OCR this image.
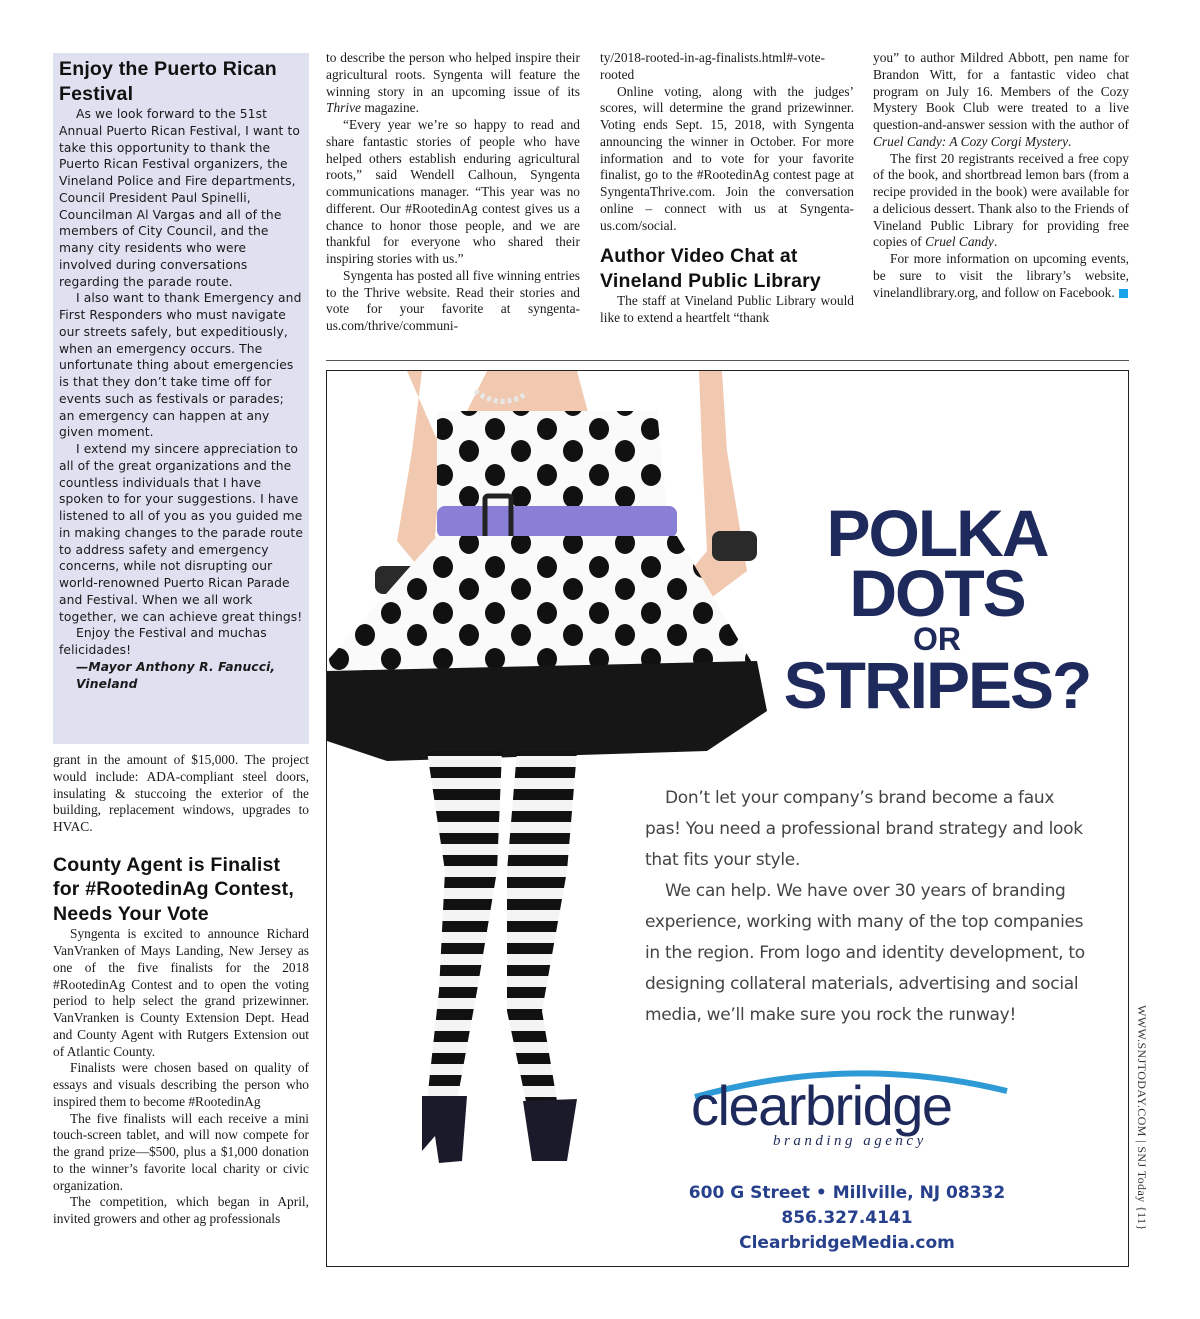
Enjoy the Puerto Rican Festival

As we look forward to the 51st Annual Puerto Rican Festival, I want to take this opportunity to thank the Puerto Rican Festival organizers, the Vineland Police and Fire departments, Council President Paul Spinelli, Councilman Al Vargas and all of the members of City Council, and the many city residents who were involved during conversations regarding the parade route.

I also want to thank Emergency and First Responders who must navigate our streets safely, but expeditiously, when an emergency occurs. The unfortunate thing about emergencies is that they don’t take time off for events such as festivals or parades; an emergency can happen at any given moment.

I extend my sincere appreciation to all of the great organizations and the countless individuals that I have spoken to for your suggestions. I have listened to all of you as you guided me in making changes to the parade route to address safety and emergency concerns, while not disrupting our world-renowned Puerto Rican Parade and Festival. When we all work together, we can achieve great things!

Enjoy the Festival and muchas felicidades!

—Mayor Anthony R. Fanucci,

Vineland

grant in the amount of $15,000. The project would include: ADA-compliant steel doors, insulating & stuccoing the exterior of the building, replacement windows, upgrades to HVAC.

County Agent is Finalist for #RootedinAg Contest, Needs Your Vote

Syngenta is excited to announce Richard VanVranken of Mays Landing, New Jersey as one of the five finalists for the 2018 #RootedinAg Contest and to open the voting period to help select the grand prizewinner. VanVranken is County Extension Dept. Head and County Agent with Rutgers Extension out of Atlantic County.

Finalists were chosen based on quality of essays and visuals describing the person who inspired them to become #RootedinAg

The five finalists will each receive a mini touch-screen tablet, and will now compete for the grand prize—$500, plus a $1,000 donation to the winner’s favorite local charity or civic organization.

The competition, which began in April, invited growers and other ag professionals

to describe the person who helped inspire their agricultural roots. Syngenta will feature the winning story in an upcoming issue of its Thrive magazine.

“Every year we’re so happy to read and share fantastic stories of people who have helped others establish enduring agricultural roots,” said Wendell Calhoun, Syngenta communications manager. “This year was no different. Our #RootedinAg contest gives us a chance to honor those people, and we are thankful for everyone who shared their inspiring stories with us.”

Syngenta has posted all five winning entries to the Thrive website. Read their stories and vote for your favorite at syngenta-us.com/thrive/communi-

ty/2018-rooted-in-ag-finalists.html#-vote-rooted

Online voting, along with the judges’ scores, will determine the grand prizewinner. Voting ends Sept. 15, 2018, with Syngenta announcing the winner in October. For more information and to vote for your favorite finalist, go to the #RootedinAg contest page at SyngentaThrive.com. Join the conversation online – connect with us at Syngenta-us.com/social.

Author Video Chat at Vineland Public Library

The staff at Vineland Public Library would like to extend a heartfelt “thank

you” to author Mildred Abbott, pen name for Brandon Witt, for a fantastic video chat program on July 16. Members of the Cozy Mystery Book Club were treated to a live question-and-answer session with the author of Cruel Candy: A Cozy Corgi Mystery.

The first 20 registrants received a free copy of the book, and shortbread lemon bars (from a recipe provided in the book) were available for a delicious dessert. Thank also to the Friends of Vineland Public Library for providing free copies of Cruel Candy.

For more information on upcoming events, be sure to visit the library’s website, vinelandlibrary.org, and follow on Facebook.

POLKA
DOTS
OR
STRIPES?

Don’t let your company’s brand become a faux pas! You need a professional brand strategy and look that fits your style.

We can help. We have over 30 years of branding experience, working with many of the top companies in the region. From logo and identity development, to designing collateral materials, advertising and social media, we’ll make sure you rock the runway!

clearbridge
branding agency
600 G Street • Millville, NJ 08332 856.327.4141
ClearbridgeMedia.com
WWW.SNJTODAY.COM | SNJ Today {11}
